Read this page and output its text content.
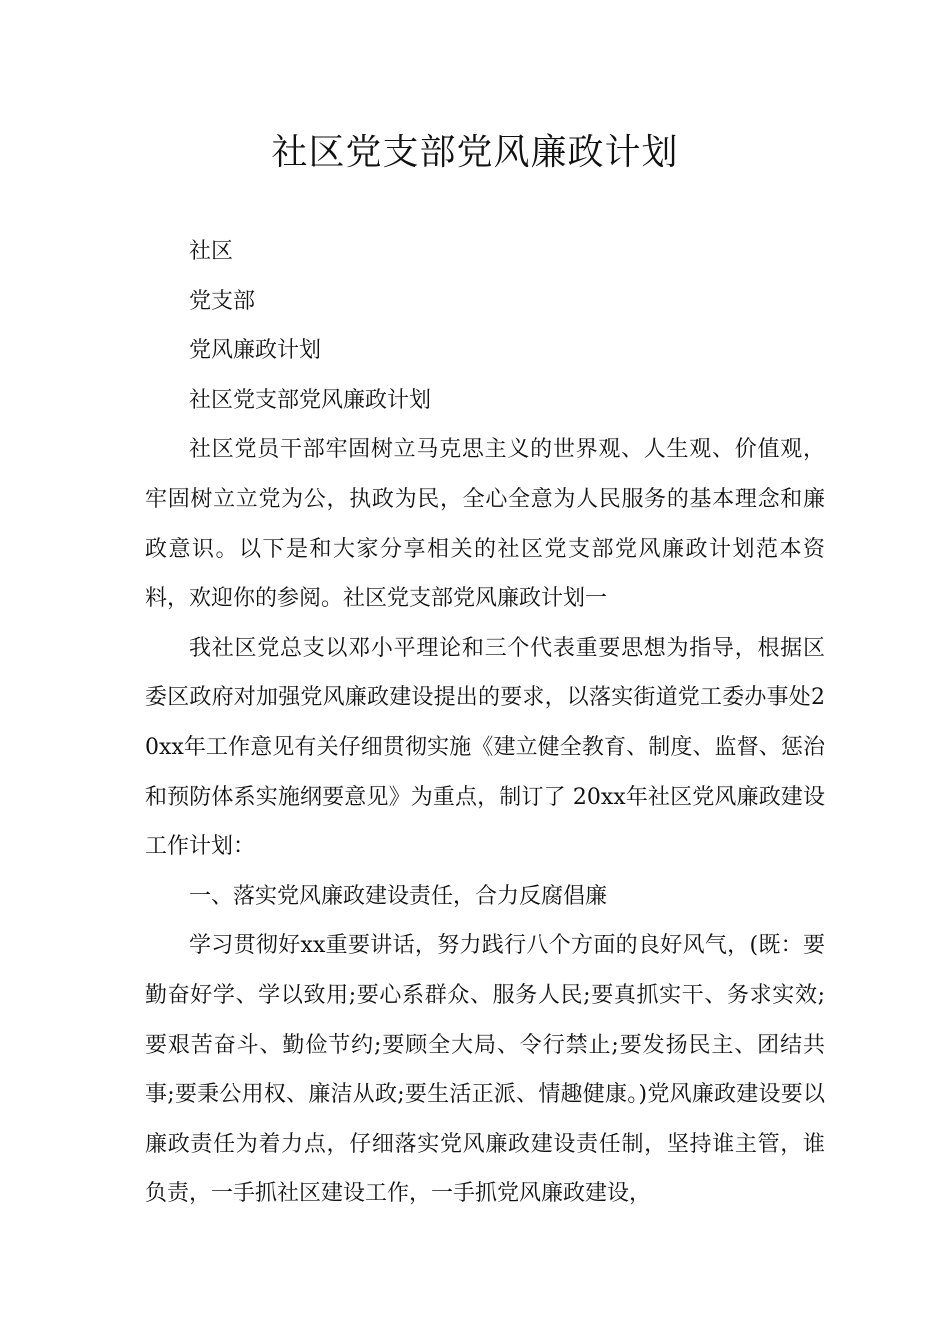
社区党支部党风廉政计划

社区

党支部

党风廉政计划

社区党支部党风廉政计划

社区党员干部牢固树立马克思主义的世界观、人生观、价值观，牢固树立立党为公，执政为民，全心全意为人民服务的基本理念和廉政意识。以下是和大家分享相关的社区党支部党风廉政计划范本资料，欢迎你的参阅。社区党支部党风廉政计划一

我社区党总支以邓小平理论和三个代表重要思想为指导，根据区委区政府对加强党风廉政建设提出的要求，以落实街道党工委办事处20xx年工作意见有关仔细贯彻实施《建立健全教育、制度、监督、惩治和预防体系实施纲要意见》为重点，制订了 20xx年社区党风廉政建设工作计划：

一、落实党风廉政建设责任，合力反腐倡廉

学习贯彻好xx重要讲话，努力践行八个方面的良好风气，(既：要勤奋好学、学以致用;要心系群众、服务人民;要真抓实干、务求实效;要艰苦奋斗、勤俭节约;要顾全大局、令行禁止;要发扬民主、团结共事;要秉公用权、廉洁从政;要生活正派、情趣健康。)党风廉政建设要以廉政责任为着力点，仔细落实党风廉政建设责任制，坚持谁主管，谁负责，一手抓社区建设工作，一手抓党风廉政建设，
